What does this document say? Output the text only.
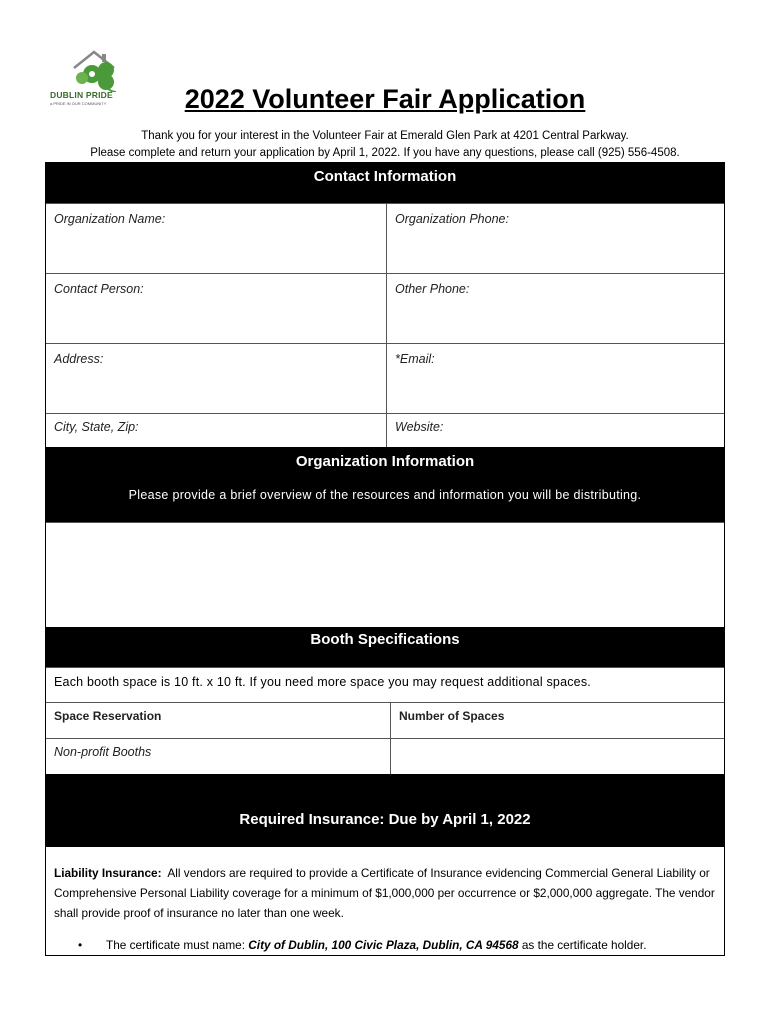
DUBLIN PRIDE
a PRIDE IN OUR COMMUNITY	2022 Volunteer Fair Application
Thank you for your interest in the Volunteer Fair at Emerald Glen Park at 4201 Central Parkway.
Please complete and return your application by April 1, 2022. If you have any questions, please call (925) 556-4508.
Contact Information
Organization Name:	Organization Phone:
Contact Person:	Other Phone:
Address:	*Email:
City, State, Zip:	Website:
Organization Information
Please provide a brief overview of the resources and information you will be distributing.
Booth Specifications
Each booth space is 10 ft. x 10 ft. If you need more space you may request additional spaces.
Space Reservation	Number of Spaces
Non-profit Booths
Required Insurance: Due by April 1, 2022
Liability Insurance: All vendors are required to provide a Certificate of Insurance evidencing Commercial General Liability or Comprehensive Personal Liability coverage for a minimum of $1,000,000 per occurrence or $2,000,000 aggregate. The vendor shall provide proof of insurance no later than one week.
•	The certificate must name: City of Dublin, 100 Civic Plaza, Dublin, CA 94568 as the certificate holder.
